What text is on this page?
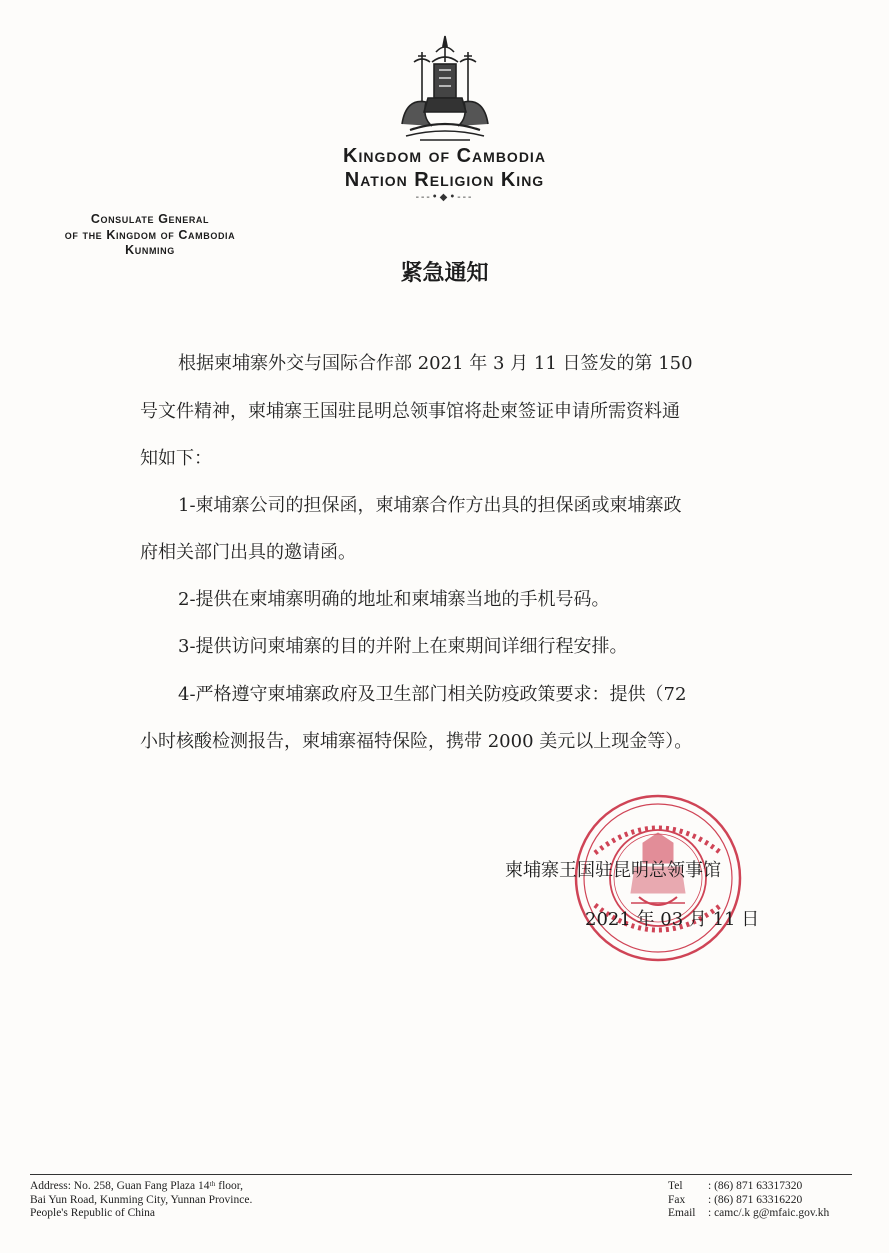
Kingdom of Cambodia
Nation Religion King
---•◆•---
Consulate General
of the Kingdom of Cambodia
Kunming
紧急通知
根据柬埔寨外交与国际合作部 2021 年 3 月 11 日签发的第 150
号文件精神，柬埔寨王国驻昆明总领事馆将赴柬签证申请所需资料通
知如下：
1-柬埔寨公司的担保函，柬埔寨合作方出具的担保函或柬埔寨政
府相关部门出具的邀请函。
2-提供在柬埔寨明确的地址和柬埔寨当地的手机号码。
3-提供访问柬埔寨的目的并附上在柬期间详细行程安排。
4-严格遵守柬埔寨政府及卫生部门相关防疫政策要求：提供（72
小时核酸检测报告，柬埔寨福特保险，携带 2000 美元以上现金等）。
柬埔寨王国驻昆明总领事馆
2021 年 03 月 11 日
Address: No. 258, Guan Fang Plaza 14ᵗʰ floor,
Bai Yun Road, Kunming City, Yunnan Province.
People's Republic of China
Tel : (86) 871 63317320
Fax : (86) 871 63316220
Email : camc/.k g@mfaic.gov.kh
